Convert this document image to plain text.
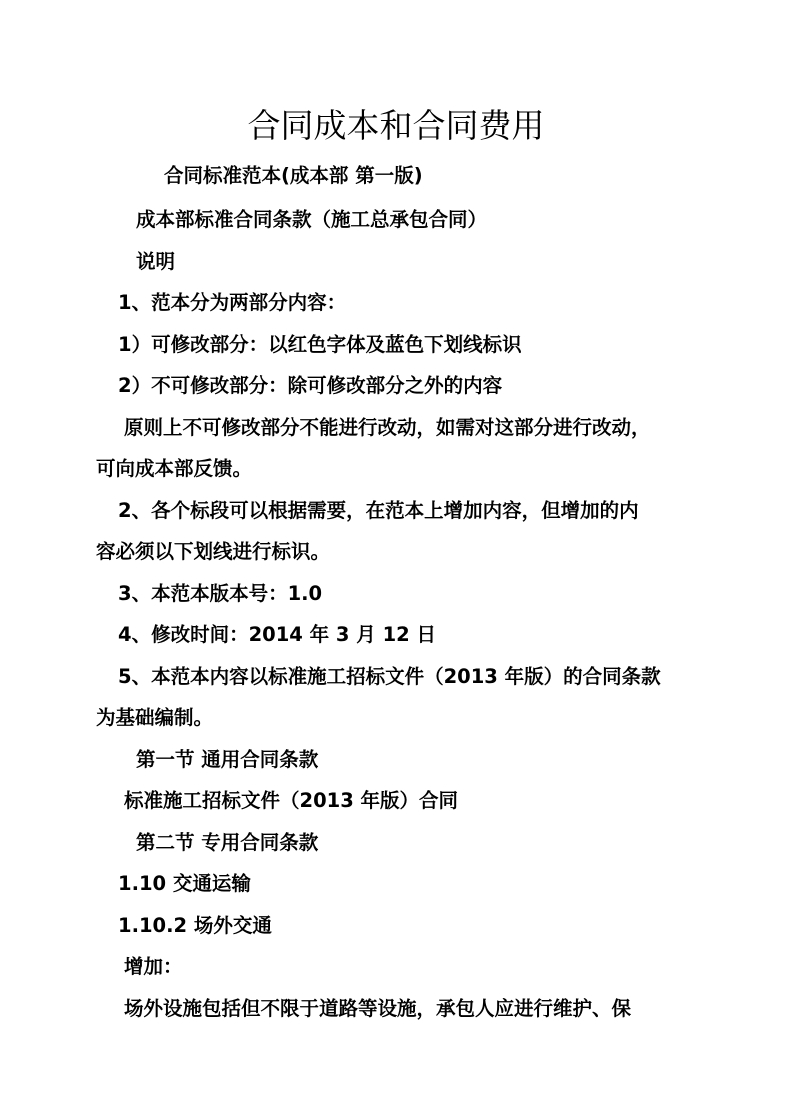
合同成本和合同费用
合同标准范本(成本部 第一版)
成本部标准合同条款（施工总承包合同）
说明
1、范本分为两部分内容：
1）可修改部分：以红色字体及蓝色下划线标识
2）不可修改部分：除可修改部分之外的内容
原则上不可修改部分不能进行改动，如需对这部分进行改动，
可向成本部反馈。
2、各个标段可以根据需要，在范本上增加内容，但增加的内
容必须以下划线进行标识。
3、本范本版本号：1.0
4、修改时间：2014 年 3 月 12 日
5、本范本内容以标准施工招标文件（2013 年版）的合同条款
为基础编制。
第一节 通用合同条款
标准施工招标文件（2013 年版）合同
第二节 专用合同条款
1.10 交通运输
1.10.2 场外交通
增加：
场外设施包括但不限于道路等设施，承包人应进行维护、保
